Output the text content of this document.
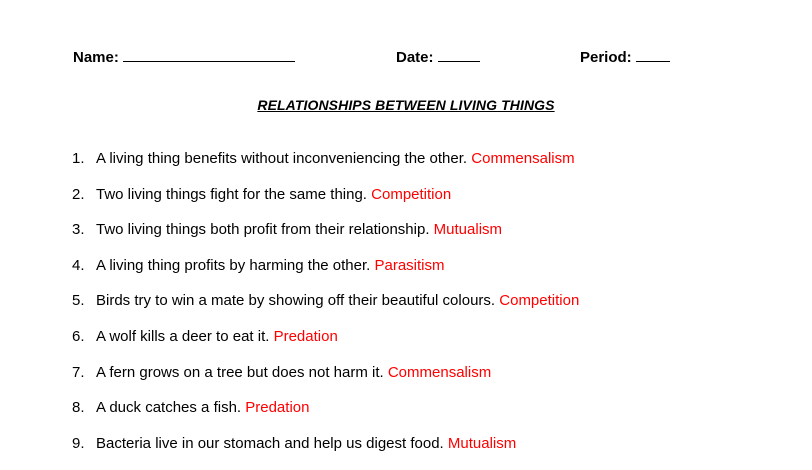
Name:	Date:	Period:
RELATIONSHIPS BETWEEN LIVING THINGS
1. A living thing benefits without inconveniencing the other. Commensalism
2. Two living things fight for the same thing. Competition
3. Two living things both profit from their relationship. Mutualism
4. A living thing profits by harming the other. Parasitism
5. Birds try to win a mate by showing off their beautiful colours. Competition
6. A wolf kills a deer to eat it. Predation
7. A fern grows on a tree but does not harm it. Commensalism
8. A duck catches a fish. Predation
9. Bacteria live in our stomach and help us digest food. Mutualism
